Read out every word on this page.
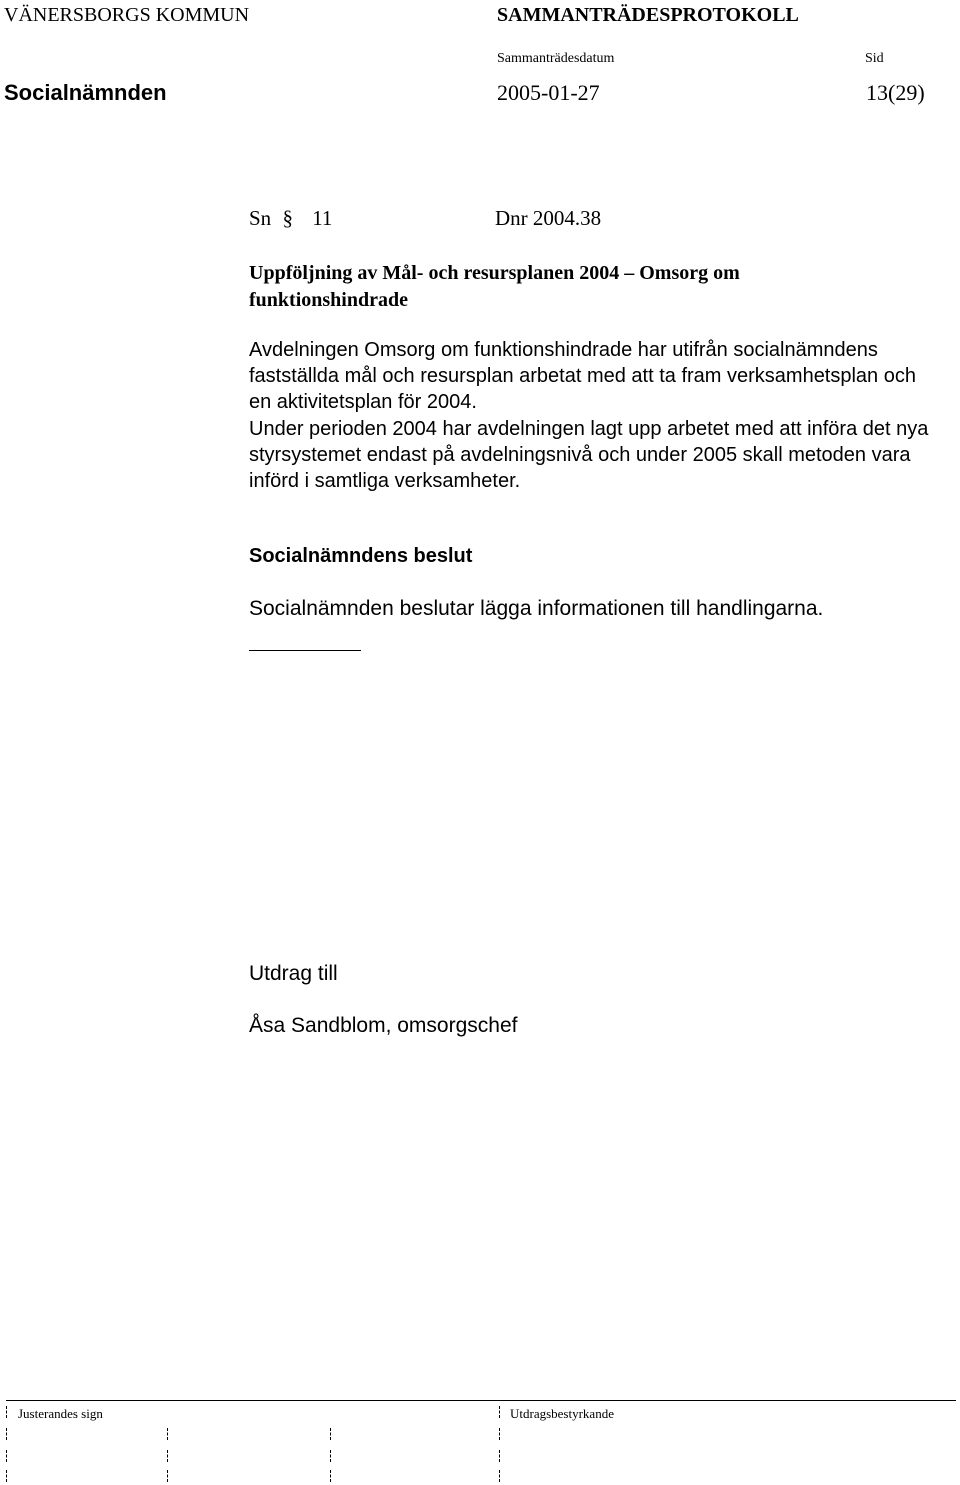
VÄNERSBORGS KOMMUN	SAMMANTRÄDESPROTOKOLL
Sammanträdesdatum	Sid
Socialnämnden	2005-01-27	13(29)
Sn § 11	Dnr 2004.38
Uppföljning av Mål- och resursplanen 2004 – Omsorg om funktionshindrade
Avdelningen Omsorg om funktionshindrade har utifrån socialnämndens fastställda mål och resursplan arbetat med att ta fram verksamhetsplan och en aktivitetsplan för 2004.
Under perioden 2004 har avdelningen lagt upp arbetet med att införa det nya styrsystemet endast på avdelningsnivå och under 2005 skall metoden vara införd i samtliga verksamheter.
Socialnämndens beslut
Socialnämnden beslutar lägga informationen till handlingarna.
Utdrag till
Åsa Sandblom, omsorgschef
Justerandes sign	Utdragsbestyrkande
